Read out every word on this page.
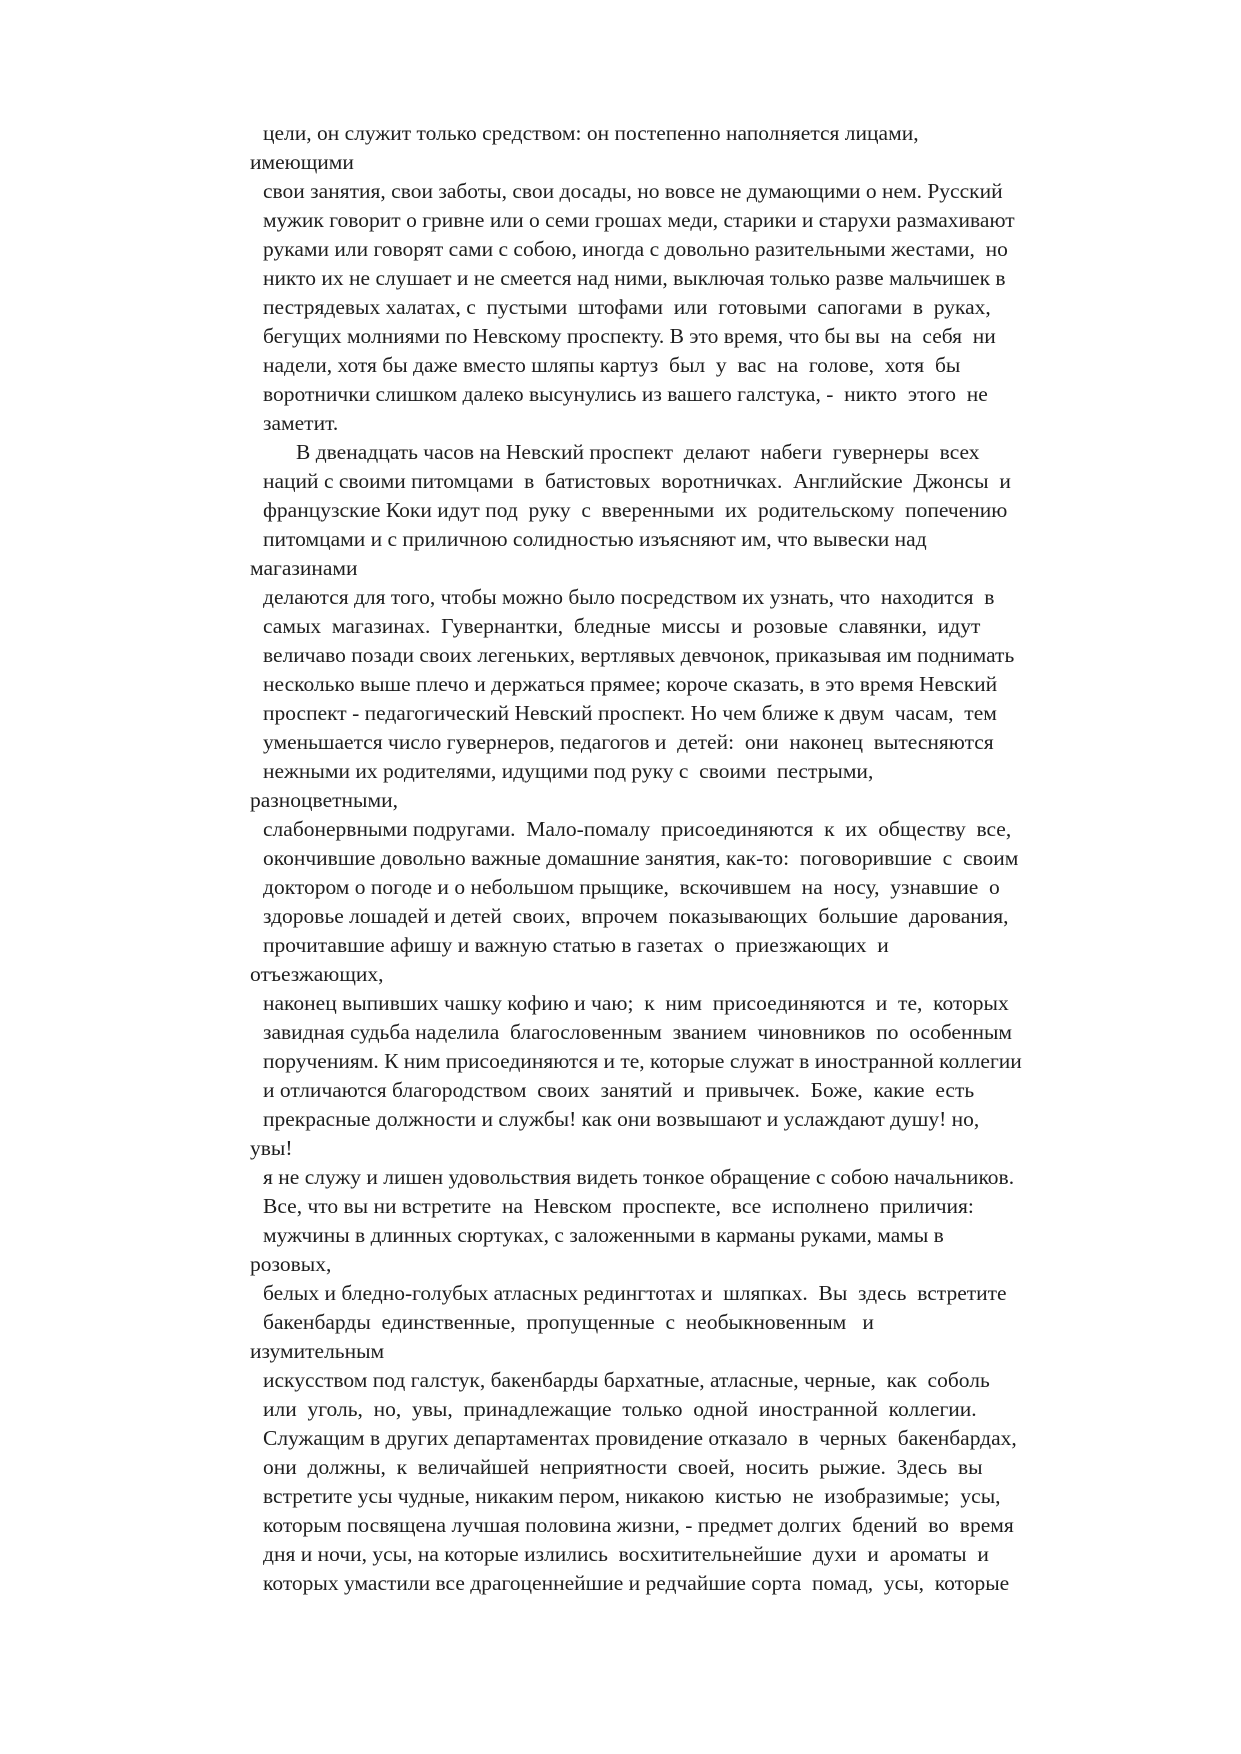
цели, он служит только средством: он постепенно наполняется лицами,
имеющими
свои занятия, свои заботы, свои досады, но вовсе не думающими о нем. Русский
мужик говорит о гривне или о семи грошах меди, старики и старухи размахивают
руками или говорят сами с собою, иногда с довольно разительными жестами,  но
никто их не слушает и не смеется над ними, выключая только разве мальчишек в
пестрядевых халатах, с  пустыми  штофами  или  готовыми  сапогами  в  руках,
бегущих молниями по Невскому проспекту. В это время, что бы вы  на  себя  ни
надели, хотя бы даже вместо шляпы картуз  был  у  вас  на  голове,  хотя  бы
воротнички слишком далеко высунулись из вашего галстука, -  никто  этого  не
заметит.
В двенадцать часов на Невский проспект  делают  набеги  гувернеры  всех
наций с своими питомцами  в  батистовых  воротничках.  Английские  Джонсы  и
французские Коки идут под  руку  с  вверенными  их  родительскому  попечению
питомцами и с приличною солидностью изъясняют им, что вывески над
магазинами
делаются для того, чтобы можно было посредством их узнать, что  находится  в
самых  магазинах.  Гувернантки,  бледные  миссы  и  розовые  славянки,  идут
величаво позади своих легеньких, вертлявых девчонок, приказывая им поднимать
несколько выше плечо и держаться прямее; короче сказать, в это время Невский
проспект - педагогический Невский проспект. Но чем ближе к двум  часам,  тем
уменьшается число гувернеров, педагогов и  детей:  они  наконец  вытесняются
нежными их родителями, идущими под руку с  своими  пестрыми,
разноцветными,
слабонервными подругами.  Мало-помалу  присоединяются  к  их  обществу  все,
окончившие довольно важные домашние занятия, как-то:  поговорившие  с  своим
доктором о погоде и о небольшом прыщике,  вскочившем  на  носу,  узнавшие  о
здоровье лошадей и детей  своих,  впрочем  показывающих  большие  дарования,
прочитавшие афишу и важную статью в газетах  о  приезжающих  и
отъезжающих,
наконец выпивших чашку кофию и чаю;  к  ним  присоединяются  и  те,  которых
завидная судьба наделила  благословенным  званием  чиновников  по  особенным
поручениям. К ним присоединяются и те, которые служат в иностранной коллегии
и отличаются благородством  своих  занятий  и  привычек.  Боже,  какие  есть
прекрасные должности и службы! как они возвышают и услаждают душу! но,
увы!
я не служу и лишен удовольствия видеть тонкое обращение с собою начальников.
Все, что вы ни встретите  на  Невском  проспекте,  все  исполнено  приличия:
мужчины в длинных сюртуках, с заложенными в карманы руками, мамы в
розовых,
белых и бледно-голубых атласных редингтотах и  шляпках.  Вы  здесь  встретите
бакенбарды  единственные,  пропущенные  с  необыкновенным   и
изумительным
искусством под галстук, бакенбарды бархатные, атласные, черные,  как  соболь
или  уголь,  но,  увы,  принадлежащие  только  одной  иностранной  коллегии.
Служащим в других департаментах провидение отказало  в  черных  бакенбардах,
они  должны,  к  величайшей  неприятности  своей,  носить  рыжие.  Здесь  вы
встретите усы чудные, никаким пером, никакою  кистью  не  изобразимые;  усы,
которым посвящена лучшая половина жизни, - предмет долгих  бдений  во  время
дня и ночи, усы, на которые излились  восхитительнейшие  духи  и  ароматы  и
которых умастили все драгоценнейшие и редчайшие сорта  помад,  усы,  которые
